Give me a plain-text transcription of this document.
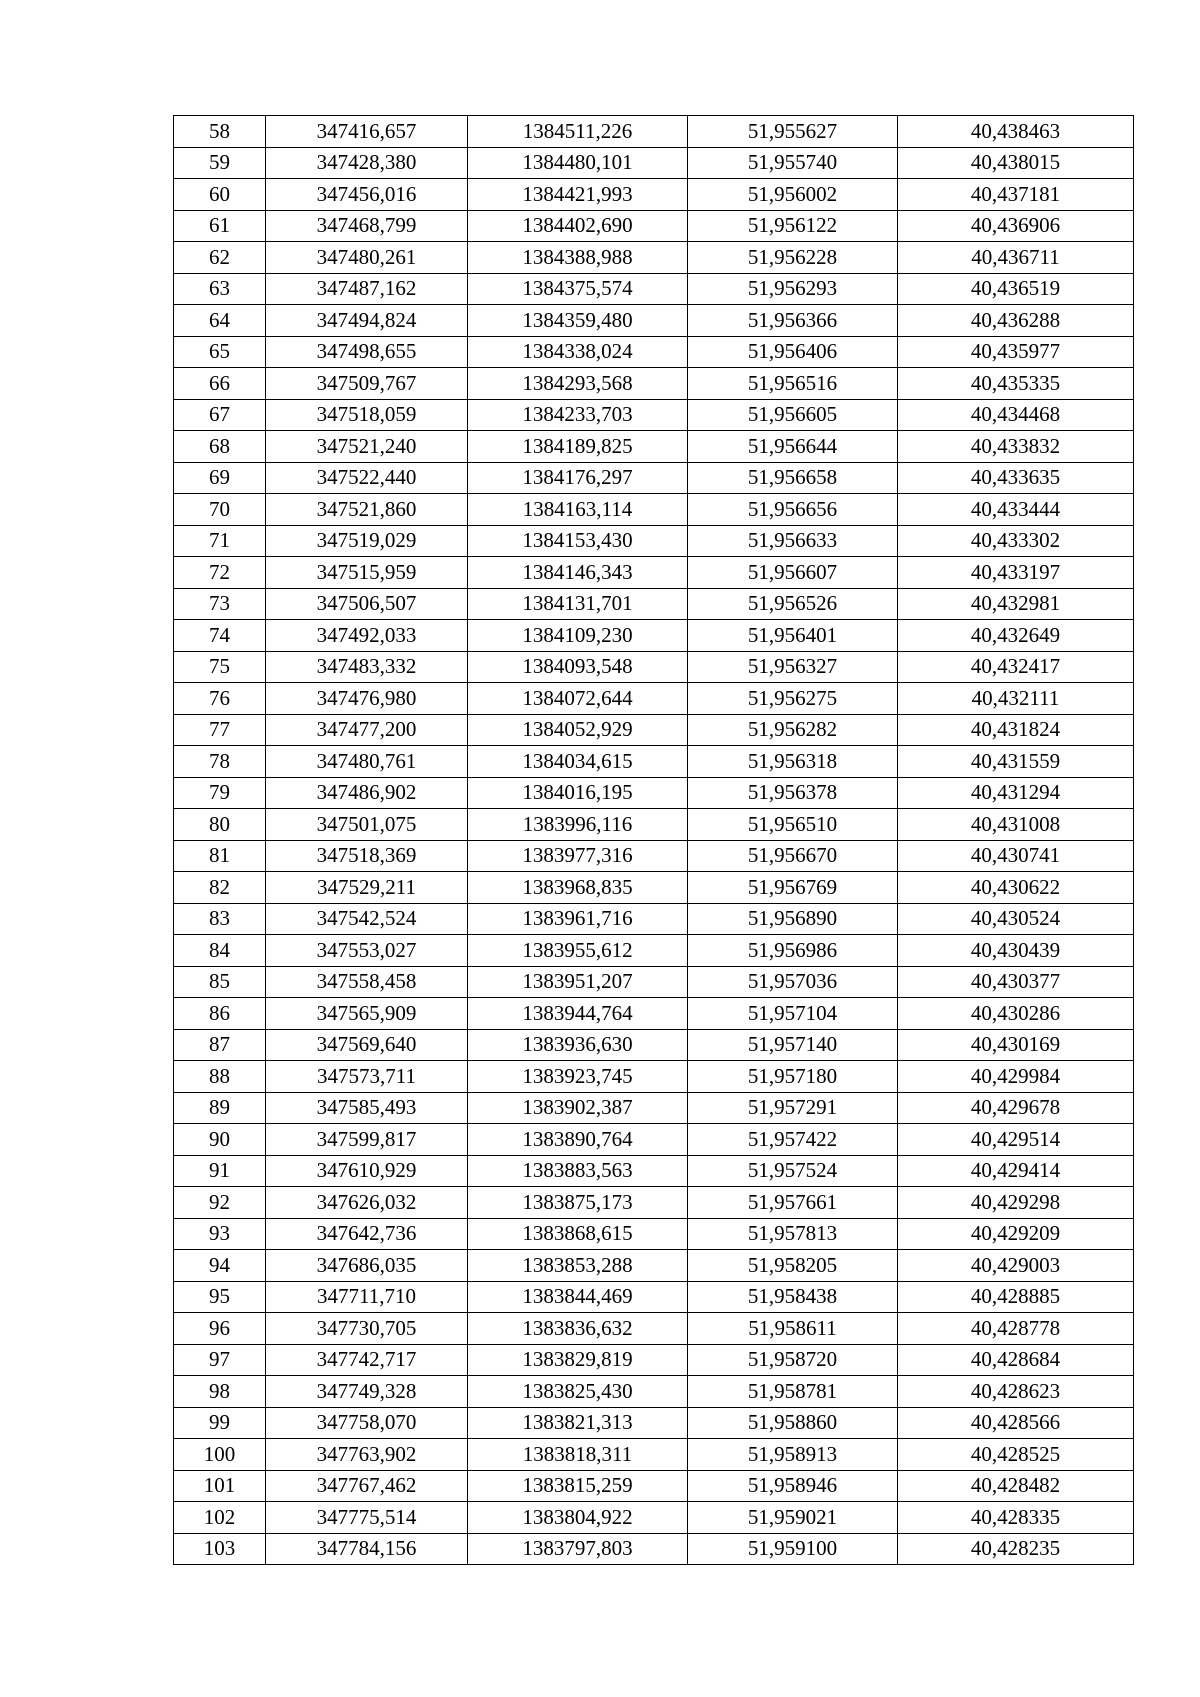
58	347416,657	1384511,226	51,955627	40,438463
59	347428,380	1384480,101	51,955740	40,438015
60	347456,016	1384421,993	51,956002	40,437181
61	347468,799	1384402,690	51,956122	40,436906
62	347480,261	1384388,988	51,956228	40,436711
63	347487,162	1384375,574	51,956293	40,436519
64	347494,824	1384359,480	51,956366	40,436288
65	347498,655	1384338,024	51,956406	40,435977
66	347509,767	1384293,568	51,956516	40,435335
67	347518,059	1384233,703	51,956605	40,434468
68	347521,240	1384189,825	51,956644	40,433832
69	347522,440	1384176,297	51,956658	40,433635
70	347521,860	1384163,114	51,956656	40,433444
71	347519,029	1384153,430	51,956633	40,433302
72	347515,959	1384146,343	51,956607	40,433197
73	347506,507	1384131,701	51,956526	40,432981
74	347492,033	1384109,230	51,956401	40,432649
75	347483,332	1384093,548	51,956327	40,432417
76	347476,980	1384072,644	51,956275	40,432111
77	347477,200	1384052,929	51,956282	40,431824
78	347480,761	1384034,615	51,956318	40,431559
79	347486,902	1384016,195	51,956378	40,431294
80	347501,075	1383996,116	51,956510	40,431008
81	347518,369	1383977,316	51,956670	40,430741
82	347529,211	1383968,835	51,956769	40,430622
83	347542,524	1383961,716	51,956890	40,430524
84	347553,027	1383955,612	51,956986	40,430439
85	347558,458	1383951,207	51,957036	40,430377
86	347565,909	1383944,764	51,957104	40,430286
87	347569,640	1383936,630	51,957140	40,430169
88	347573,711	1383923,745	51,957180	40,429984
89	347585,493	1383902,387	51,957291	40,429678
90	347599,817	1383890,764	51,957422	40,429514
91	347610,929	1383883,563	51,957524	40,429414
92	347626,032	1383875,173	51,957661	40,429298
93	347642,736	1383868,615	51,957813	40,429209
94	347686,035	1383853,288	51,958205	40,429003
95	347711,710	1383844,469	51,958438	40,428885
96	347730,705	1383836,632	51,958611	40,428778
97	347742,717	1383829,819	51,958720	40,428684
98	347749,328	1383825,430	51,958781	40,428623
99	347758,070	1383821,313	51,958860	40,428566
100	347763,902	1383818,311	51,958913	40,428525
101	347767,462	1383815,259	51,958946	40,428482
102	347775,514	1383804,922	51,959021	40,428335
103	347784,156	1383797,803	51,959100	40,428235
